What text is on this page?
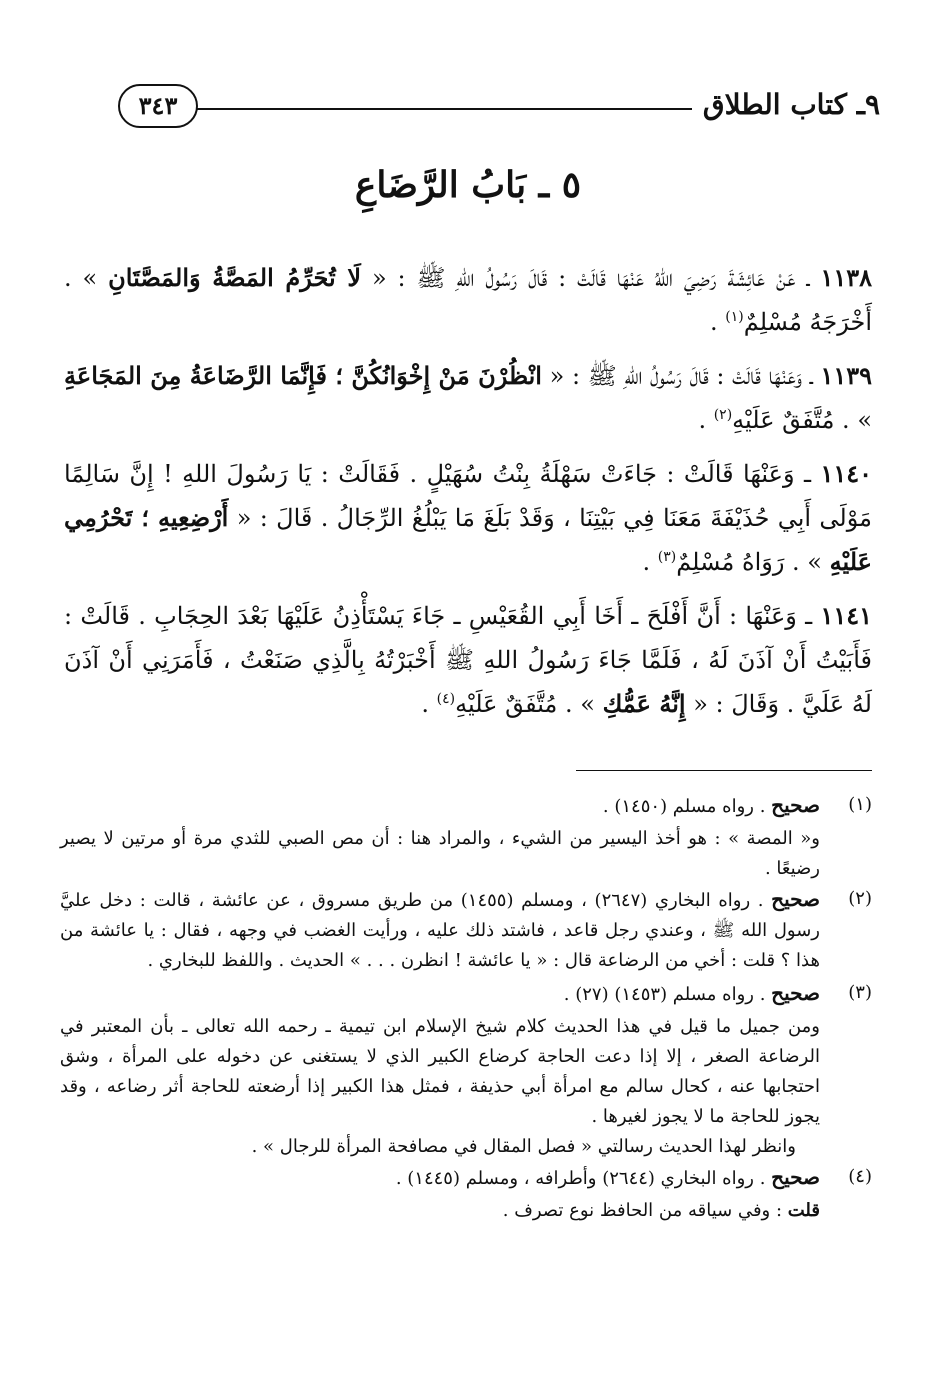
٩ـ كتاب الطلاق
٣٤٣
٥ ـ بَابُ الرَّضَاعِ

١١٣٨ ـ عَنْ عَائِشَةَ رَضِيَ اللهُ عَنْهَا قَالَتْ : قَالَ رَسُولُ اللهِ ﷺ : « لَا تُحَرِّمُ المَصَّةُ وَالمَصَّتَانِ » . أَخْرَجَهُ مُسْلِمٌ$^{(١)}$ .

١١٣٩ ـ وَعَنْهَا قَالَتْ : قَالَ رَسُولُ اللهِ ﷺ : « انْظُرْنَ مَنْ إِخْوَانُكُنَّ ؛ فَإِنَّمَا الرَّضَاعَةُ مِنَ المَجَاعَةِ » . مُتَّفَقٌ عَلَيْهِ$^{(٢)}$ .

١١٤٠ ـ وَعَنْهَا قَالَتْ : جَاءَتْ سَهْلَةُ بِنْتُ سُهَيْلٍ . فَقَالَتْ : يَا رَسُولَ اللهِ ! إِنَّ سَالِمًا مَوْلَى أَبِي حُذَيْفَةَ مَعَنَا فِي بَيْتِنَا ، وَقَدْ بَلَغَ مَا يَبْلُغُ الرِّجَالُ . قَالَ : « أَرْضِعِيهِ ؛ تَحْرُمِي عَلَيْهِ » . رَوَاهُ مُسْلِمٌ$^{(٣)}$ .

١١٤١ ـ وَعَنْهَا : أَنَّ أَفْلَحَ ـ أَخَا أَبِي القُعَيْسِ ـ جَاءَ يَسْتَأْذِنُ عَلَيْهَا بَعْدَ الحِجَابِ . قَالَتْ : فَأَبَيْتُ أَنْ آذَنَ لَهُ ، فَلَمَّا جَاءَ رَسُولُ اللهِ ﷺ أَخْبَرْتُهُ بِالَّذِي صَنَعْتُ ، فَأَمَرَنِي أَنْ آذَنَ لَهُ عَلَيَّ . وَقَالَ : « إِنَّهُ عَمُّكِ » . مُتَّفَقٌ عَلَيْهِ$^{(٤)}$ .

(١)
صحيح . رواه مسلم (١٤٥٠) .
و« المصة » : هو أخذ اليسير من الشيء ، والمراد هنا : أن مص الصبي للثدي مرة أو مرتين لا يصير رضيعًا .
(٢)
صحيح . رواه البخاري (٢٦٤٧) ، ومسلم (١٤٥٥) من طريق مسروق ، عن عائشة ، قالت : دخل عليَّ رسول الله ﷺ ، وعندي رجل قاعد ، فاشتد ذلك عليه ، ورأيت الغضب في وجهه ، فقال : يا عائشة من هذا ؟ قلت : أخي من الرضاعة قال : « يا عائشة ! انظرن . . . » الحديث . واللفظ للبخاري .
(٣)
صحيح . رواه مسلم (١٤٥٣) (٢٧) .
ومن جميل ما قيل في هذا الحديث كلام شيخ الإسلام ابن تيمية ـ رحمه الله تعالى ـ بأن المعتبر في الرضاعة الصغر ، إلا إذا دعت الحاجة كرضاع الكبير الذي لا يستغنى عن دخوله على المرأة ، وشق احتجابها عنه ، كحال سالم مع امرأة أبي حذيفة ، فمثل هذا الكبير إذا أرضعته للحاجة أثر رضاعه ، وقد يجوز للحاجة ما لا يجوز لغيرها .
وانظر لهذا الحديث رسالتي « فصل المقال في مصافحة المرأة للرجال » .
(٤)
صحيح . رواه البخاري (٢٦٤٤) وأطرافه ، ومسلم (١٤٤٥) .
قلت : وفي سياقه من الحافظ نوع تصرف .
